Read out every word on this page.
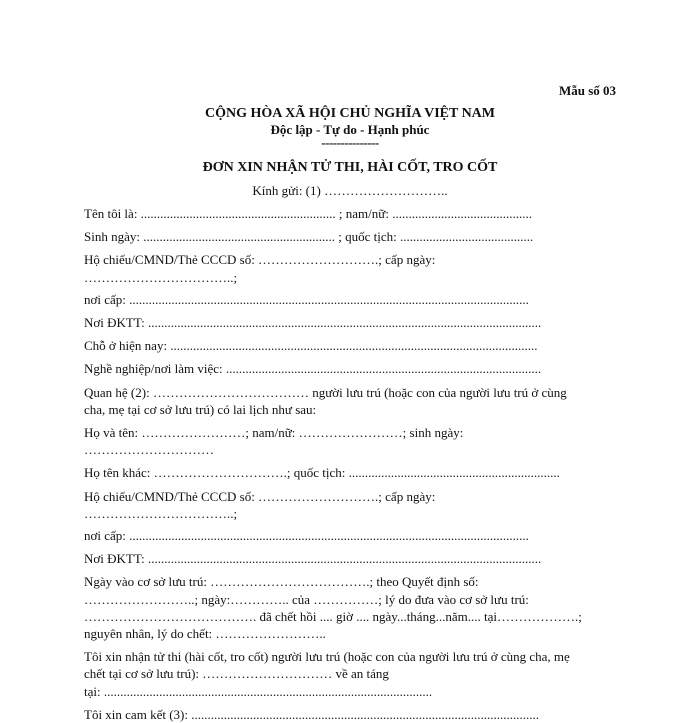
Mẫu số 03
CỘNG HÒA XÃ HỘI CHỦ NGHĨA VIỆT NAM
Độc lập - Tự do - Hạnh phúc
---------------
ĐƠN XIN NHẬN TỬ THI, HÀI CỐT, TRO CỐT
Kính gửi: (1) ………………………..
Tên tôi là: ............................................................ ; nam/nữ: ...........................................
Sinh ngày: ........................................................... ; quốc tịch: .........................................
Hộ chiếu/CMND/Thẻ CCCD số: ……………………….; cấp ngày:
……………………………..;
nơi cấp: ...........................................................................................................................
Nơi ĐKTT: .........................................................................................................................
Chỗ ở hiện nay: .................................................................................................................
Nghề nghiệp/nơi làm việc: .................................................................................................
Quan hệ (2): ……………………………… người lưu trú (hoặc con của người lưu trú ở cùng
cha, mẹ tại cơ sở lưu trú) có lai lịch như sau:
Họ và tên: ……………………; nam/nữ: ……………………; sinh ngày:
…………………………
Họ tên khác: ………………………….; quốc tịch: .................................................................
Hộ chiếu/CMND/Thẻ CCCD số: ……………………….; cấp ngày:
……………………………..;
nơi cấp: ...........................................................................................................................
Nơi ĐKTT: .........................................................................................................................
Ngày vào cơ sở lưu trú: ……………………………….; theo Quyết định số:
……………………..; ngày:………….. của ……………; lý do đưa vào cơ sở lưu trú:
…………………………………. đã chết hồi .... giờ .... ngày...tháng...năm.... tại……………….;
nguyên nhân, lý do chết: ……………………..
Tôi xin nhận tử thi (hài cốt, tro cốt) người lưu trú (hoặc con của người lưu trú ở cùng cha, mẹ
chết tại cơ sở lưu trú): ………………………… về an táng
tại: .....................................................................................................
Tôi xin cam kết (3): ...........................................................................................................
